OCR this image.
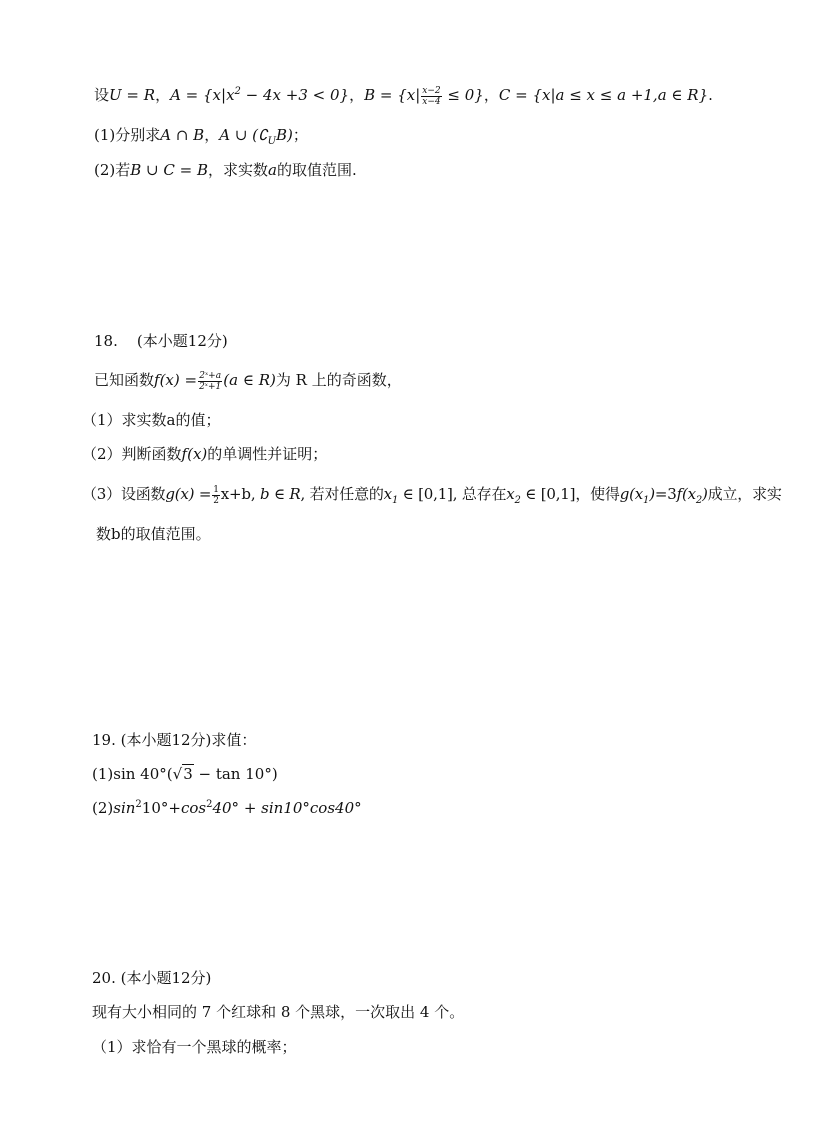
设U = R，$A = \{x|x^2 - 4x +3 < 0\}$，$B = \{x| \frac{x-2}{x-4} \le 0\}$，C = {x|a ≤ x ≤ a +1,a ∈ R}.
(1)分别求A ∩ B，A ∪ $(∁_UB)$；
(2)若B ∪ C = B，求实数a的取值范围.
18.    (本小题12分)
已知函数$f(x) = \frac{\text{2ˣ+a}}{\text{2ˣ+1}} (a$ ∈ R)为 R 上的奇函数，
（1）求实数a的值；
（2）判断函数f(x)的单调性并证明；
（3）设函数$g(x) = \frac{1}{2} x+b$, b ∈ R, 若对任意的$x_1$ ∈ [0,1], 总存在$x_2$ ∈ [0,1]，使得$g(x_1)=3f(x_2)$成立，求实
数b的取值范围。
19. (本小题12分)求值：
(1)sin 40°(√3 − tan 10°)
$(2)\sin^210^\circ+\cos^240^\circ + \sin 10^\circ\cos 40^\circ$
20. (本小题12分)
现有大小相同的 7 个红球和 8 个黑球，一次取出 4 个。
（1）求恰有一个黑球的概率；
